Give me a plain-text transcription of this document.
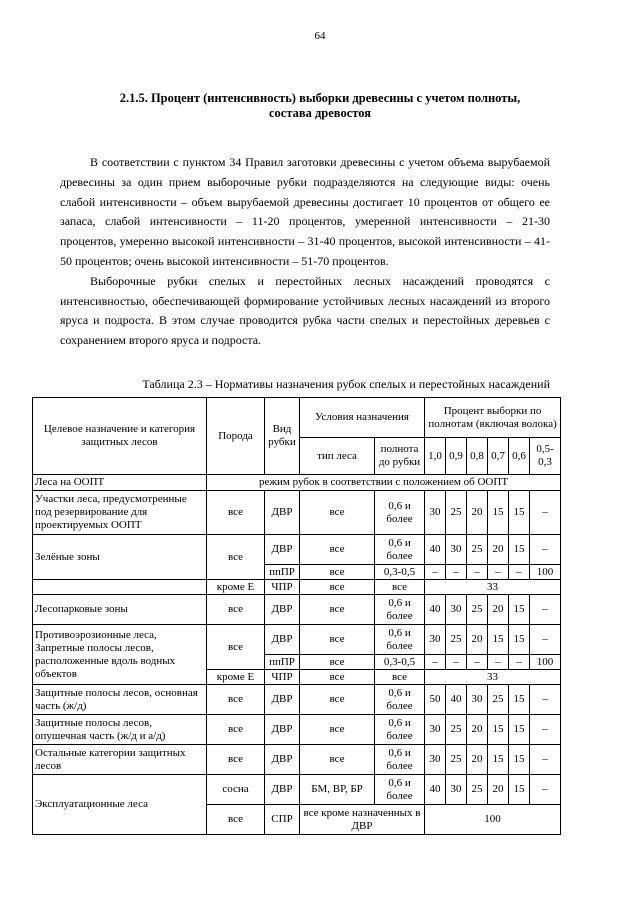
64
2.1.5. Процент (интенсивность) выборки древесины с учетом полноты,
состава древостоя

В соответствии с пунктом 34 Правил заготовки древесины с учетом объема вырубаемой древесины за один прием выборочные рубки подразделяются на следующие виды: очень слабой интенсивности – объем вырубаемой древесины достигает 10 процентов от общего ее запаса, слабой интенсивности – 11-20 процентов, умеренной интенсивности – 21-30 процентов, умеренно высокой интенсивности – 31-40 процентов, высокой интенсивности – 41-50 процентов; очень высокой интенсивности – 51-70 процентов.

Выборочные рубки спелых и перестойных лесных насаждений проводятся с интенсивностью, обеспечивающей формирование устойчивых лесных насаждений из второго яруса и подроста. В этом случае проводится рубка части спелых и перестойных деревьев с сохранением второго яруса и подроста.

Таблица 2.3 – Нормативы назначения рубок спелых и перестойных насаждений
Целевое назначение и категория защитных лесов	Порода	Вид рубки	Условия назначения		Процент выборки по полнотам (включая волока)					
			тип леса	полнота до рубки	1,0	0,9	0,8	0,7	0,6	0,5-0,3
Леса на ООПТ	режим рубок в соответствии с положением об ООПТ									
Участки леса, предусмотренные под резервирование для проектируемых ООПТ	все	ДВР	все	0,6 и более	30	25	20	15	15	–
Зелёные зоны	все	ДВР	все	0,6 и более	40	30	25	20	15	–
		ппПР	все	0,3-0,5	–	–	–	–	–	100
	кроме Е	ЧПР	все	все	33					
Лесопарковые зоны	все	ДВР	все	0,6 и более	40	30	25	20	15	–
Противоэрозионные леса, Запретные полосы лесов, расположенные вдоль водных объектов	все	ДВР	все	0,6 и более	30	25	20	15	15	–
		ппПР	все	0,3-0,5	–	–	–	–	–	100
	кроме Е	ЧПР	все	все	33					
Защитные полосы лесов, основная часть (ж/д)	все	ДВР	все	0,6 и более	50	40	30	25	15	–
Защитные полосы лесов, опушечная часть (ж/д и а/д)	все	ДВР	все	0,6 и более	30	25	20	15	15	–
Остальные категории защитных лесов	все	ДВР	все	0,6 и более	30	25	20	15	15	–
Эксплуатационные леса	сосна	ДВР	БМ, ВР, БР	0,6 и более	40	30	25	20	15	–
	все	СПР	все кроме назначенных в ДВР		100					
